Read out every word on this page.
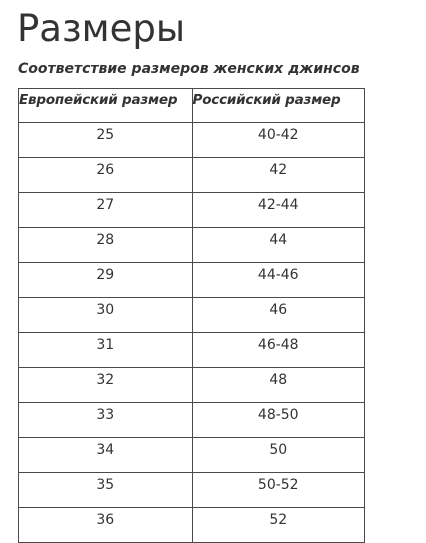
Размеры

Соответствие размеров женских джинсов

Европейский размер	Российский размер
25	40-42
26	42
27	42-44
28	44
29	44-46
30	46
31	46-48
32	48
33	48-50
34	50
35	50-52
36	52
